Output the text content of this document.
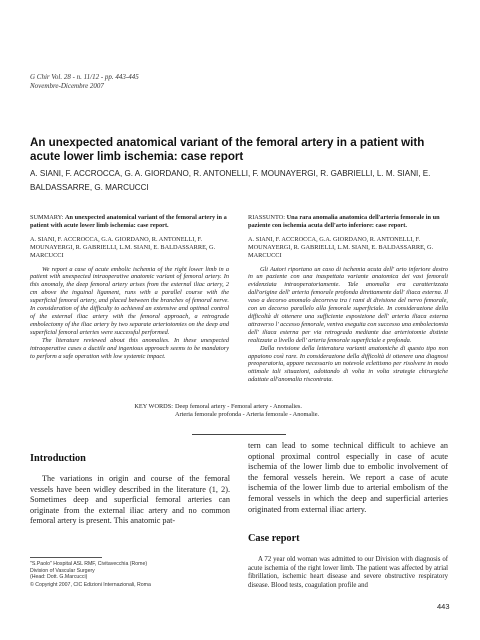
G Chir Vol. 28 - n. 11/12 - pp. 443-445
Novembre-Dicembre 2007
An unexpected anatomical variant of the femoral artery in a patient with acute lower limb ischemia: case report
A. SIANI, F. ACCROCCA, G. A. GIORDANO, R. ANTONELLI, F. MOUNAYERGI, R. GABRIELLI, L. M. SIANI, E. BALDASSARRE, G. MARCUCCI

SUMMARY: An unexpected anatomical variant of the femoral artery in a patient with acute lower limb ischemia: case report.

A. SIANI, F. ACCROCCA, G.A. GIORDANO, R. ANTONELLI, F. MOUNAYERGI, R. GABRIELLI, L.M. SIANI, E. BALDASSARRE, G. MARCUCCI

We report a case of acute embolic ischemia of the right lower limb in a patient with unexpected intraoperative anatomic variant of femoral artery. In this anomaly, the deep femoral artery arises from the external iliac artery, 2 cm above the inguinal ligament, runs with a parallel course with the superficial femoral artery, and placed between the branches of femoral nerve. In consideration of the difficulty to achieved an extensive and optimal control of the external iliac artery with the femoral approach, a retrograde embolectomy of the iliac artery by two separate arteriotomies on the deep and superficial femoral arteries were successful performed.

The literature reviewed about this anomalies. In these unexpected intraoperative cases a ductile and ingenious approach seems to be mandatory to perform a safe operation with low systemic impact.

RIASSUNTO: Una rara anomalia anatomica dell'arteria femorale in un paziente con ischemia acuta dell'arto inferiore: case report.

A. SIANI, F. ACCROCCA, G.A. GIORDANO, R. ANTONELLI, F. MOUNAYERGI, R. GABRIELLI, L.M. SIANI, E. BALDASSARRE, G. MARCUCCI

Gli Autori riportano un caso di ischemia acuta dell' arto inferiore destro in un paziente con una inaspettata variante anatomica dei vasi femorali evidenziata intraoperatoriamente. Tale anomalia era caratterizzata dall'origine dell' arteria femorale profonda direttamente dall' iliaca esterna. Il vaso a decorso anomalo decorreva tra i rami di divisione del nervo femorale, con un decorso parallelo alla femorale superficiale. In considerazione della difficoltà di ottenere una sufficiente esposizione dell' arteria iliaca esterna attraverso l' accesso femorale, veniva eseguita con successo una embolectomia dell' iliaca esterna per via retrograda mediante due arteriotomie distinte realizzate a livello dell' arteria femorale superficiale e profonda.

Dalla revisione della letteratura varianti anatomiche di questo tipo non appaiono così rare. In considerazione della difficoltà di ottenere una diagnosi preoperatoria, appare necessario un notevole eclettismo per risolvere in modo ottimale tali situazioni, adottando di volta in volta strategie chirurgiche adattate all'anomalia riscontrata.

KEY WORDS: Deep femoral artery - Femoral artery - Anomalies.
Arteria femorale profonda - Arteria femorale - Anomalie.
Introduction

The variations in origin and course of the femoral vessels have been widley described in the literature (1, 2). Sometimes deep and superficial femoral arteries can originate from the external iliac artery and no common femoral artery is present. This anatomic pat-

tern can lead to some technical difficult to achieve an optional proximal control especially in case of acute ischemia of the lower limb due to embolic involvement of the femoral vessels herein. We report a case of acute ischemia of the lower limb due to arterial embolism of the femoral vessels in which the deep and superficial arteries originated from external iliac artery.

Case report

A 72 year old woman was admitted to our Division with diagnosis of acute ischemia of the right lower limb. The patient was affected by atrial fibrillation, ischemic heart disease and severe obstructive respiratory disease. Blood tests, coagulation profile and

"S.Paolo" Hospital ASL RMF, Civitavecchia (Rome)
Division of Vascular Surgery
(Head: Dott. G.Marcucci)
© Copyright 2007, CIC Edizioni Internazionali, Roma
443
